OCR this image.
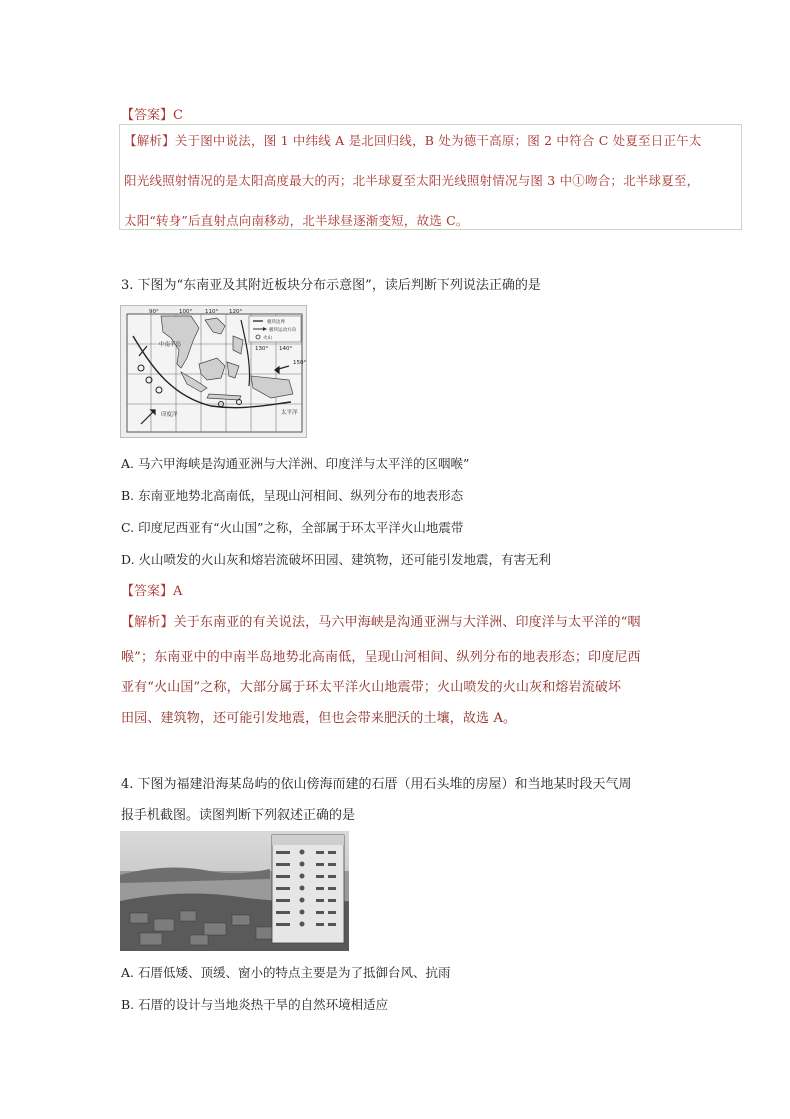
【答案】C
【解析】关于图中说法，图 1 中纬线 A 是北回归线，B 处为德干高原；图 2 中符合 C 处夏至日正午太
阳光线照射情况的是太阳高度最大的丙；北半球夏至太阳光线照射情况与图 3 中①吻合；北半球夏至，
太阳“转身”后直射点向南移动，北半球昼逐渐变短，故选 C。
3. 下图为“东南亚及其附近板块分布示意图”，读后判断下列说法正确的是
90°	100° 110° 120°
130° 140°
150°
中南半岛
印度洋	太平洋
板块边界
板块运动方向
火山
A. 马六甲海峡是沟通亚洲与大洋洲、印度洋与太平洋的区咽喉”
B. 东南亚地势北高南低，呈现山河相间、纵列分布的地表形态
C. 印度尼西亚有“火山国”之称，全部属于环太平洋火山地震带
D. 火山喷发的火山灰和熔岩流破坏田园、建筑物，还可能引发地震，有害无利
【答案】A
【解析】关于东南亚的有关说法，马六甲海峡是沟通亚洲与大洋洲、印度洋与太平洋的“咽
喉”；东南亚中的中南半岛地势北高南低，呈现山河相间、纵列分布的地表形态；印度尼西
亚有“火山国”之称，大部分属于环太平洋火山地震带；火山喷发的火山灰和熔岩流破坏
田园、建筑物，还可能引发地震，但也会带来肥沃的土壤，故选 A。
4. 下图为福建沿海某岛屿的依山傍海而建的石厝（用石头堆的房屋）和当地某时段天气周
报手机截图。读图判断下列叙述正确的是
A. 石厝低矮、顶缓、窗小的特点主要是为了抵御台风、抗雨
B. 石厝的设计与当地炎热干旱的自然环境相适应
